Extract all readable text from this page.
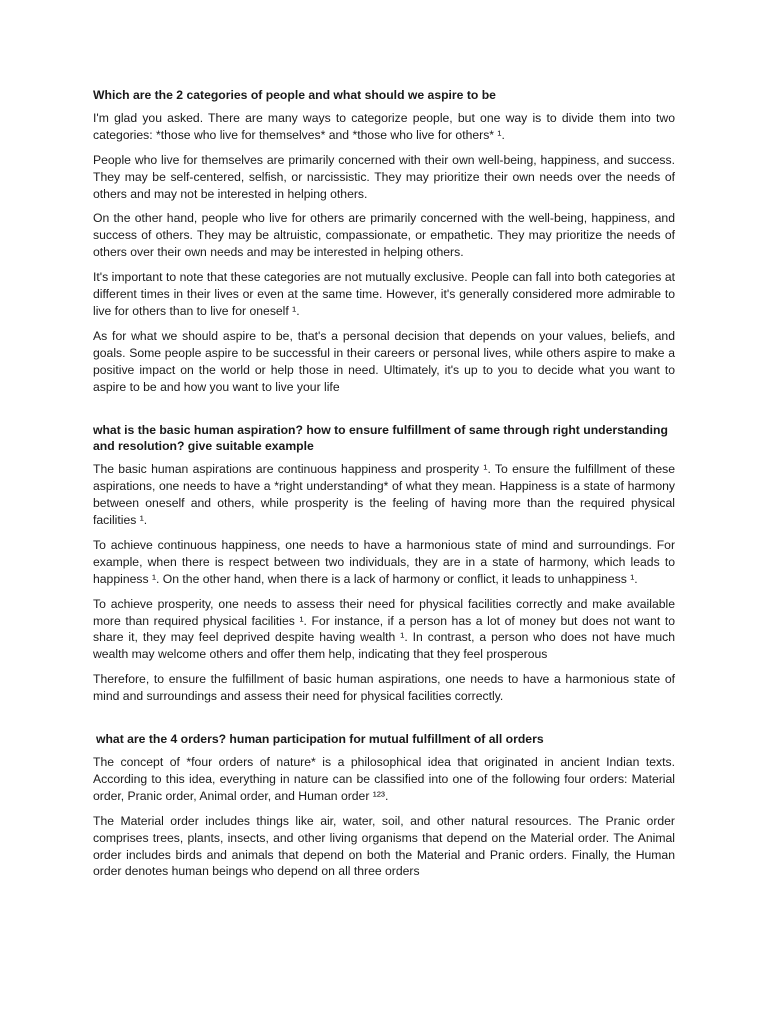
Which are the 2 categories of people and what should we aspire to be

I'm glad you asked. There are many ways to categorize people, but one way is to divide them into two categories: *those who live for themselves* and *those who live for others* ¹.

People who live for themselves are primarily concerned with their own well-being, happiness, and success. They may be self-centered, selfish, or narcissistic. They may prioritize their own needs over the needs of others and may not be interested in helping others.

On the other hand, people who live for others are primarily concerned with the well-being, happiness, and success of others. They may be altruistic, compassionate, or empathetic. They may prioritize the needs of others over their own needs and may be interested in helping others.

It's important to note that these categories are not mutually exclusive. People can fall into both categories at different times in their lives or even at the same time. However, it's generally considered more admirable to live for others than to live for oneself ¹.

As for what we should aspire to be, that's a personal decision that depends on your values, beliefs, and goals. Some people aspire to be successful in their careers or personal lives, while others aspire to make a positive impact on the world or help those in need. Ultimately, it's up to you to decide what you want to aspire to be and how you want to live your life

what is the basic human aspiration? how to ensure fulfillment of same through right understanding and resolution? give suitable example

The basic human aspirations are continuous happiness and prosperity ¹. To ensure the fulfillment of these aspirations, one needs to have a *right understanding* of what they mean. Happiness is a state of harmony between oneself and others, while prosperity is the feeling of having more than the required physical facilities ¹.

To achieve continuous happiness, one needs to have a harmonious state of mind and surroundings. For example, when there is respect between two individuals, they are in a state of harmony, which leads to happiness ¹. On the other hand, when there is a lack of harmony or conflict, it leads to unhappiness ¹.

To achieve prosperity, one needs to assess their need for physical facilities correctly and make available more than required physical facilities ¹. For instance, if a person has a lot of money but does not want to share it, they may feel deprived despite having wealth ¹. In contrast, a person who does not have much wealth may welcome others and offer them help, indicating that they feel prosperous

Therefore, to ensure the fulfillment of basic human aspirations, one needs to have a harmonious state of mind and surroundings and assess their need for physical facilities correctly.

what are the 4 orders? human participation for mutual fulfillment of all orders

The concept of *four orders of nature* is a philosophical idea that originated in ancient Indian texts. According to this idea, everything in nature can be classified into one of the following four orders: Material order, Pranic order, Animal order, and Human order ¹²³.

The Material order includes things like air, water, soil, and other natural resources. The Pranic order comprises trees, plants, insects, and other living organisms that depend on the Material order. The Animal order includes birds and animals that depend on both the Material and Pranic orders. Finally, the Human order denotes human beings who depend on all three orders
